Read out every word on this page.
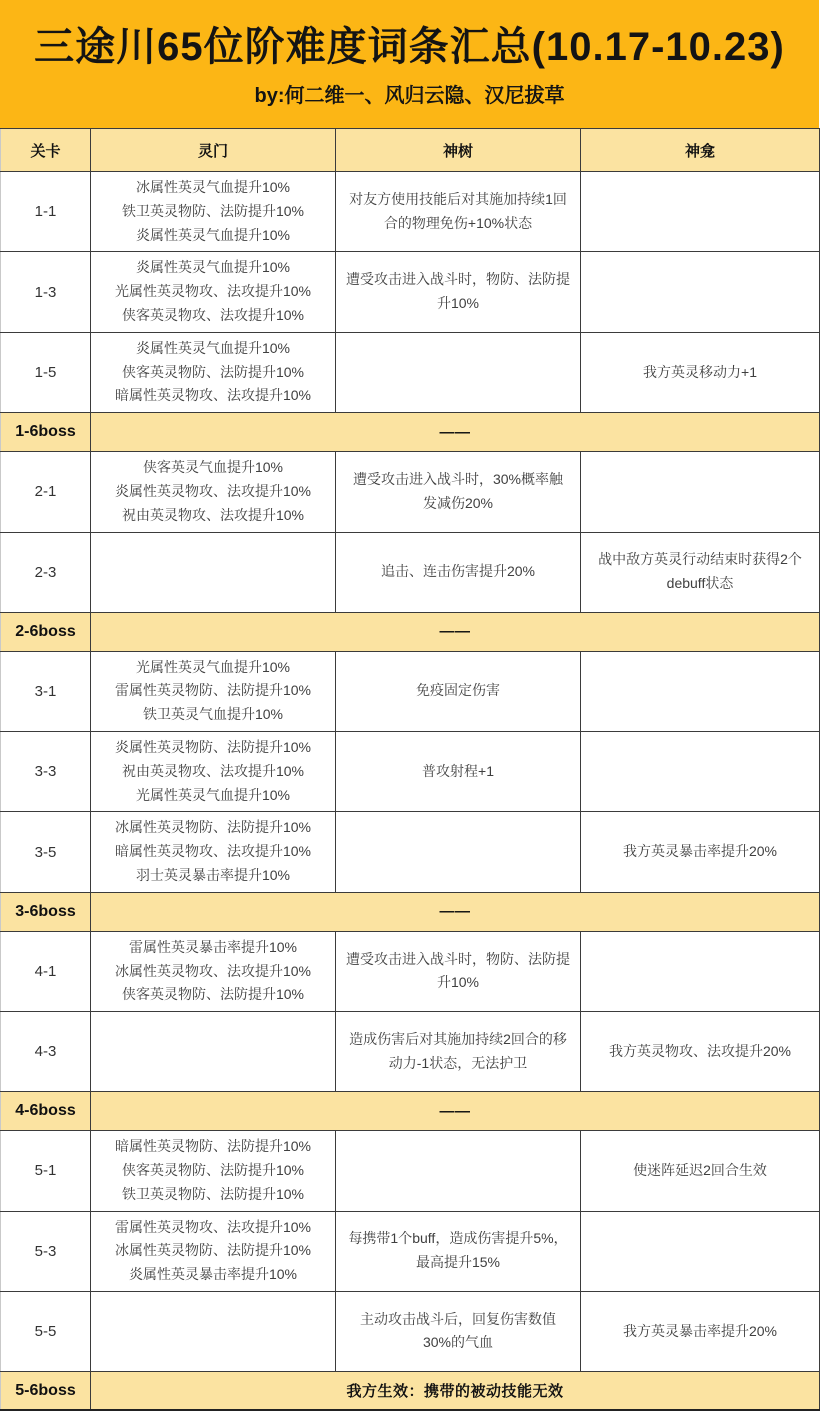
三途川65位阶难度词条汇总(10.17-10.23)
by:何二维一、风归云隐、汉尼拔草
关卡	灵门	神树	神龛
1-1	冰属性英灵气血提升10%
铁卫英灵物防、法防提升10%
炎属性英灵气血提升10%	对友方使用技能后对其施加持续1回合的物理免伤+10%状态	
1-3	炎属性英灵气血提升10%
光属性英灵物攻、法攻提升10%
侠客英灵物攻、法攻提升10%	遭受攻击进入战斗时，物防、法防提升10%	
1-5	炎属性英灵气血提升10%
侠客英灵物防、法防提升10%
暗属性英灵物攻、法攻提升10%		我方英灵移动力+1
1-6boss	——		
2-1	侠客英灵气血提升10%
炎属性英灵物攻、法攻提升10%
祝由英灵物攻、法攻提升10%	遭受攻击进入战斗时，30%概率触发减伤20%	
2-3		追击、连击伤害提升20%	战中敌方英灵行动结束时获得2个debuff状态
2-6boss	——		
3-1	光属性英灵气血提升10%
雷属性英灵物防、法防提升10%
铁卫英灵气血提升10%	免疫固定伤害	
3-3	炎属性英灵物防、法防提升10%
祝由英灵物攻、法攻提升10%
光属性英灵气血提升10%	普攻射程+1	
3-5	冰属性英灵物防、法防提升10%
暗属性英灵物攻、法攻提升10%
羽士英灵暴击率提升10%		我方英灵暴击率提升20%
3-6boss	——		
4-1	雷属性英灵暴击率提升10%
冰属性英灵物攻、法攻提升10%
侠客英灵物防、法防提升10%	遭受攻击进入战斗时，物防、法防提升10%	
4-3		造成伤害后对其施加持续2回合的移动力-1状态，无法护卫	我方英灵物攻、法攻提升20%
4-6boss	——		
5-1	暗属性英灵物防、法防提升10%
侠客英灵物防、法防提升10%
铁卫英灵物防、法防提升10%		使迷阵延迟2回合生效
5-3	雷属性英灵物攻、法攻提升10%
冰属性英灵物防、法防提升10%
炎属性英灵暴击率提升10%	每携带1个buff，造成伤害提升5%，最高提升15%	
5-5		主动攻击战斗后，回复伤害数值30%的气血	我方英灵暴击率提升20%
5-6boss	我方生效：携带的被动技能无效		
